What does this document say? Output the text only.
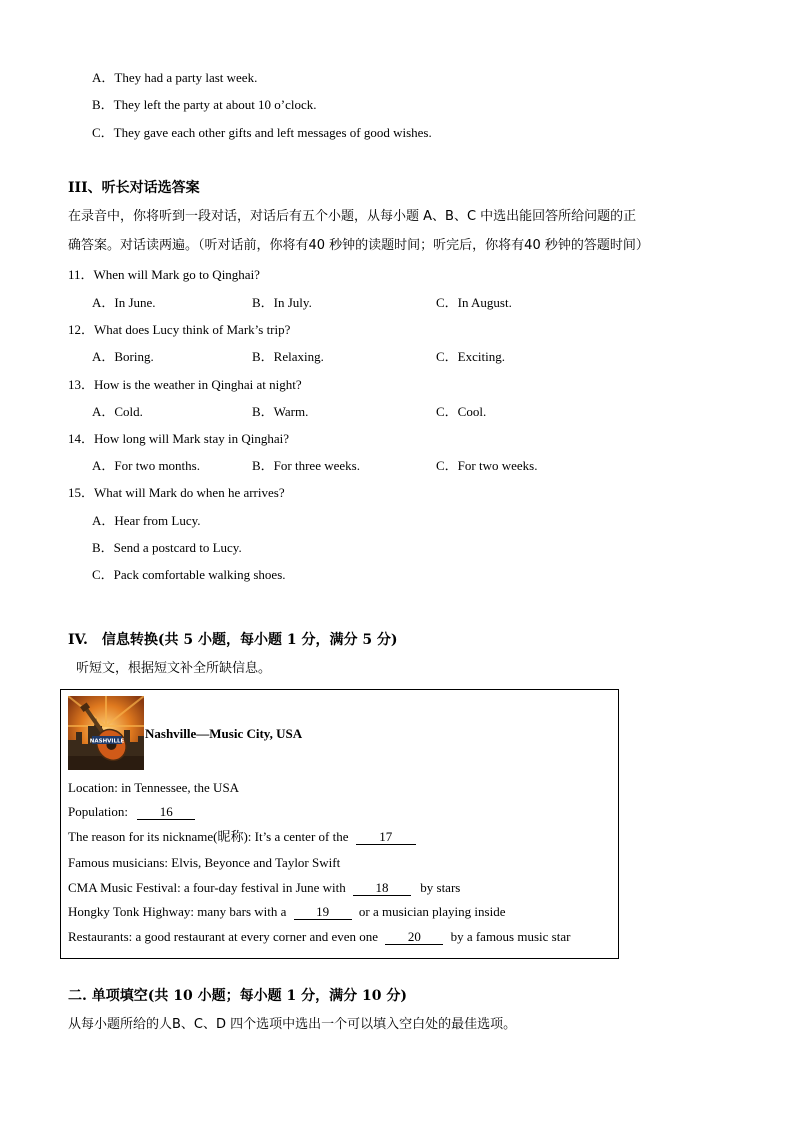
A．They had a party last week.
B．They left the party at about 10 o’clock.
C．They gave each other gifts and left messages of good wishes.
III、听长对话选答案
在录音中，你将听到一段对话，对话后有五个小题，从每小题 A、B、C 中选出能回答所给问题的正
确答案。对话读两遍。（听对话前，你将有40 秒钟的读题时间；听完后，你将有40 秒钟的答题时间）
11．When will Mark go to Qinghai?
A．In June.	B．In July.	C．In August.
12．What does Lucy think of Mark’s trip?
A．Boring.	B．Relaxing.	C．Exciting.
13．How is the weather in Qinghai at night?
A．Cold.	B．Warm.	C．Cool.
14．How long will Mark stay in Qinghai?
A．For two months.	B．For three weeks.	C．For two weeks.
15．What will Mark do when he arrives?
A．Hear from Lucy.
B．Send a postcard to Lucy.
C．Pack comfortable walking shoes.
IV.　信息转换(共 5 小题，每小题 1 分，满分 5 分)
听短文，根据短文补全所缺信息。
NASHVILLE
Nashville—Music City, USA
Location: in Tennessee, the USA
Population: 16
The reason for its nickname(昵称): It’s a center of the 17
Famous musicians: Elvis, Beyonce and Taylor Swift
CMA Music Festival: a four-day festival in June with 18 by stars
Hongky Tonk Highway: many bars with a 19 or a musician playing inside
Restaurants: a good restaurant at every corner and even one 20 by a famous music star
二. 单项填空(共 10 小题；每小题 1 分，满分 10 分)
从每小题所给的人B、C、D 四个选项中选出一个可以填入空白处的最佳选项。
